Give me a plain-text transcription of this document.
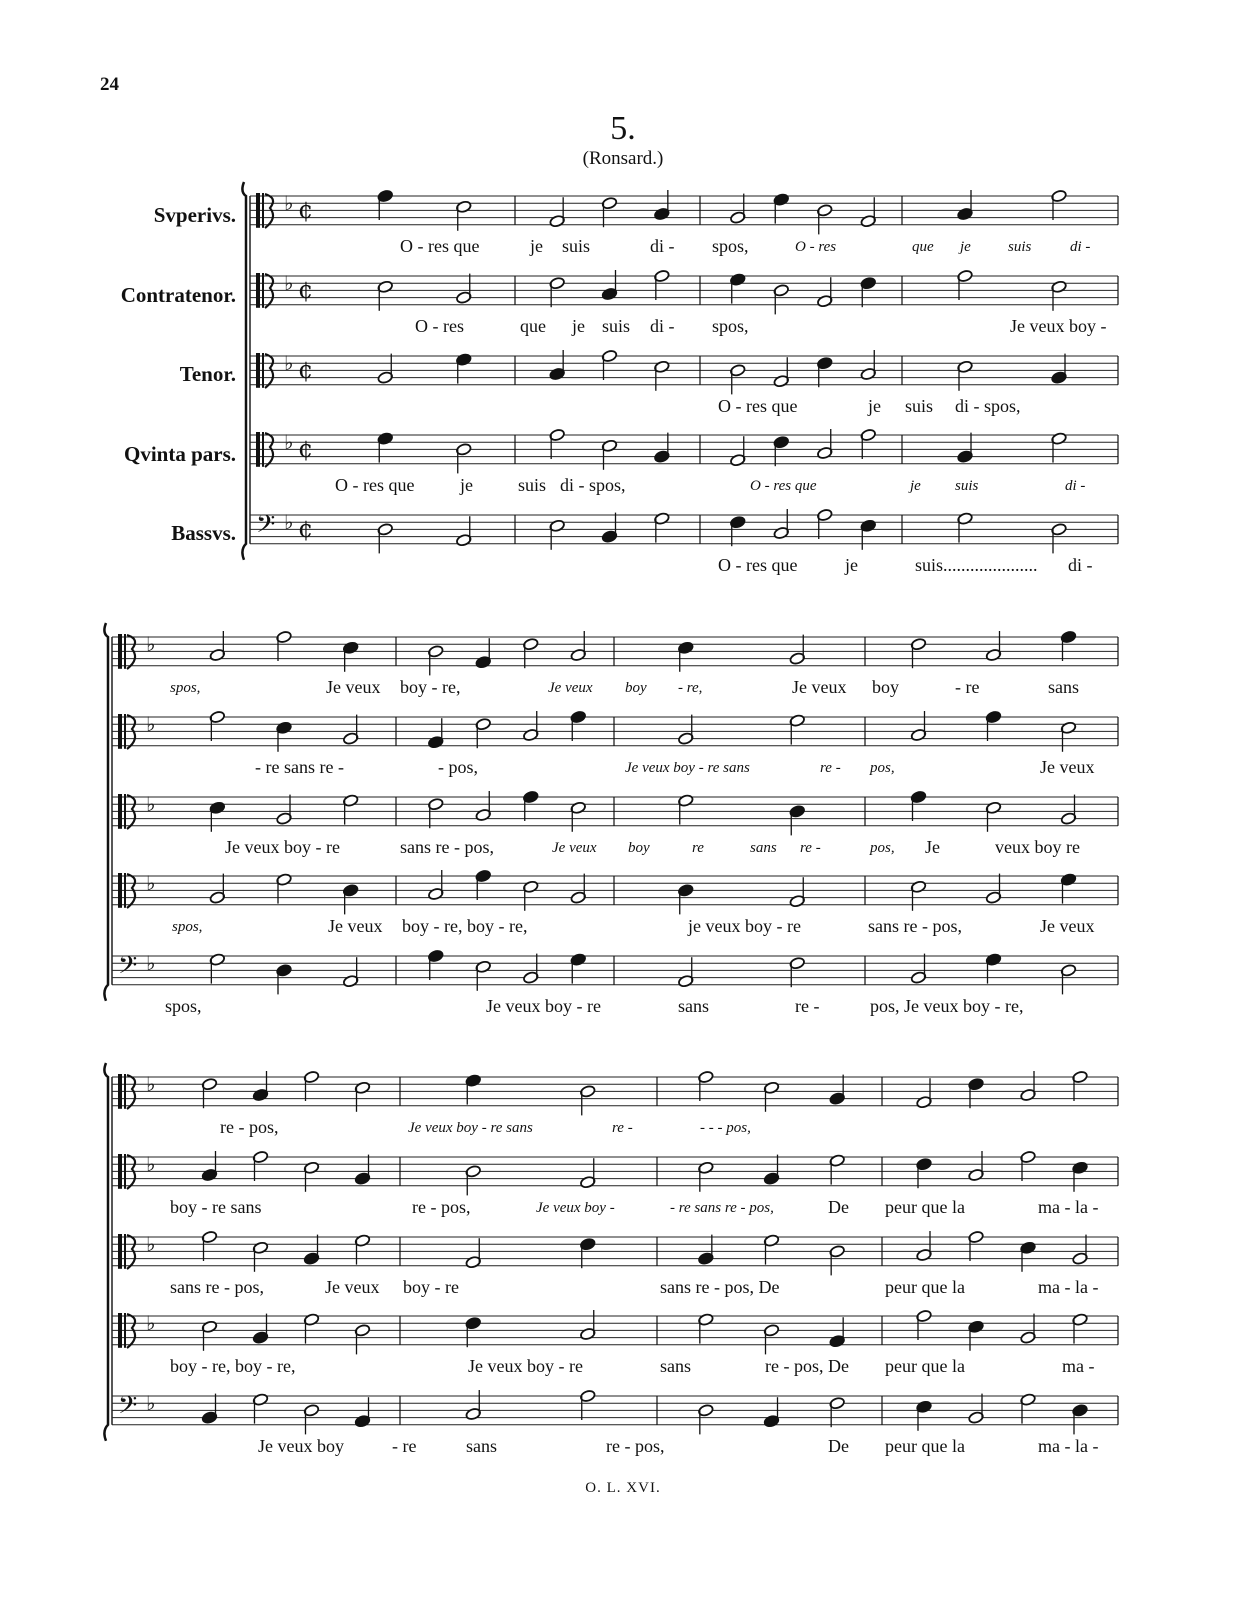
24
5.
(Ronsard.)
Svperivs.
Contratenor.
Tenor.
Qvinta pars.
Bassvs.
♭ ¢
♭ ¢
♭ ¢
♭ ¢
𝄢 ♭ ¢
♭
♭
♭
♭
𝄢 ♭
♭
♭
♭
♭
𝄢 ♭
O - res que	je suis	di - spos,	O - res	que je suis	di -
O - res	que je suis di - spos,	Je veux boy -
O - res que	je suis di - spos,
O - res que	je	suis di - spos,	O - res que	je suis	di -
O - res que	je	suis..................... di -
spos,	Je veux boy - re,	Je veux boy - re,	Je veux boy	- re	sans
- re sans re -	- pos,	Je veux boy - re sans	re - pos,	Je veux
Je veux boy - re	sans re - pos,	Je veux boy	re	sans re -	pos, Je	veux boy re
spos,	Je veux boy - re, boy - re,	je veux boy - re	sans re - pos,	Je veux
spos,	Je veux boy - re	sans	re -	pos, Je veux boy - re,
re - pos,	Je veux boy - re sans	re -	- - - pos,
boy - re sans	re - pos,	Je veux boy -	- re sans re - pos,	De peur que la	ma - la -
sans re - pos,	Je veux boy - re	sans re - pos, De	peur que la	ma - la -
boy - re, boy - re,	Je veux boy - re	sans	re - pos, De peur que la	ma -
Je veux boy	- re	sans	re - pos,	De peur que la	ma - la -
O. L. XVI.
